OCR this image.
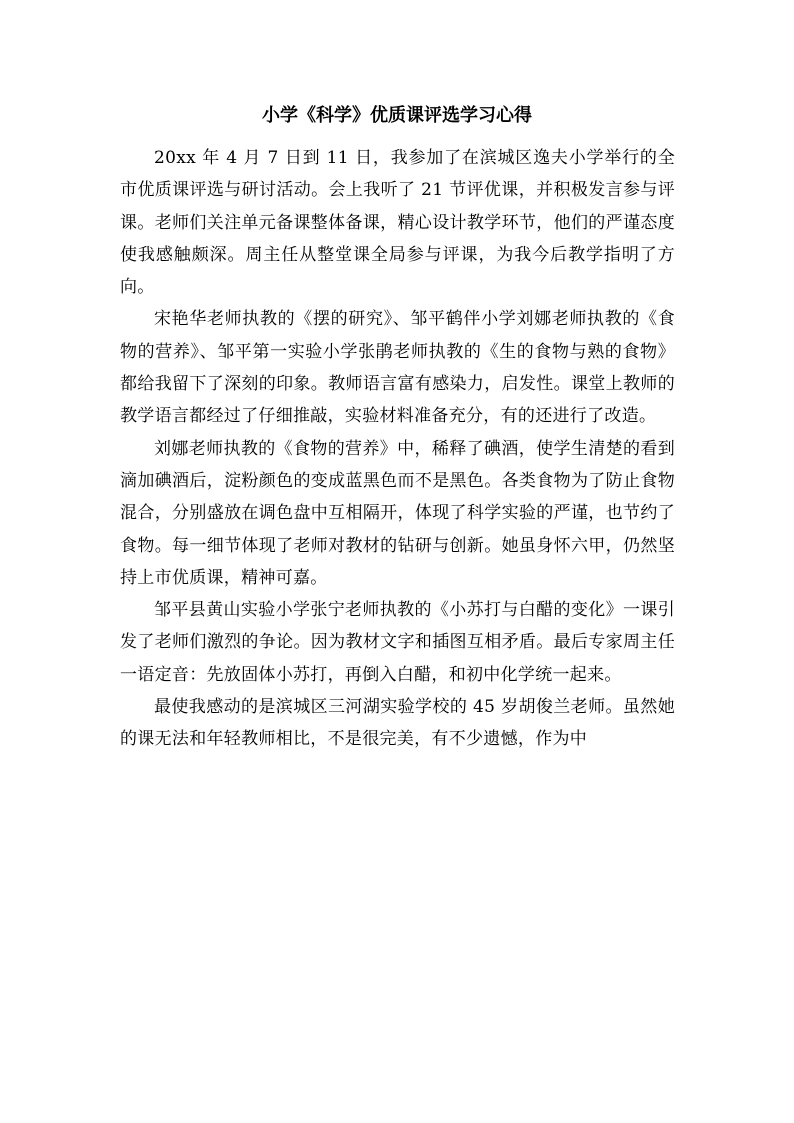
小学《科学》优质课评选学习心得

20xx 年 4 月 7 日到 11 日，我参加了在滨城区逸夫小学举行的全市优质课评选与研讨活动。会上我听了 21 节评优课，并积极发言参与评课。老师们关注单元备课整体备课，精心设计教学环节，他们的严谨态度使我感触颇深。周主任从整堂课全局参与评课，为我今后教学指明了方向。

宋艳华老师执教的《摆的研究》、邹平鹤伴小学刘娜老师执教的《食物的营养》、邹平第一实验小学张鹃老师执教的《生的食物与熟的食物》都给我留下了深刻的印象。教师语言富有感染力，启发性。课堂上教师的教学语言都经过了仔细推敲，实验材料准备充分，有的还进行了改造。

刘娜老师执教的《食物的营养》中，稀释了碘酒，使学生清楚的看到滴加碘酒后，淀粉颜色的变成蓝黑色而不是黑色。各类食物为了防止食物混合，分别盛放在调色盘中互相隔开，体现了科学实验的严谨，也节约了食物。每一细节体现了老师对教材的钻研与创新。她虽身怀六甲，仍然坚持上市优质课，精神可嘉。

邹平县黄山实验小学张宁老师执教的《小苏打与白醋的变化》一课引发了老师们激烈的争论。因为教材文字和插图互相矛盾。最后专家周主任一语定音：先放固体小苏打，再倒入白醋，和初中化学统一起来。

最使我感动的是滨城区三河湖实验学校的 45 岁胡俊兰老师。虽然她的课无法和年轻教师相比，不是很完美，有不少遗憾，作为中
